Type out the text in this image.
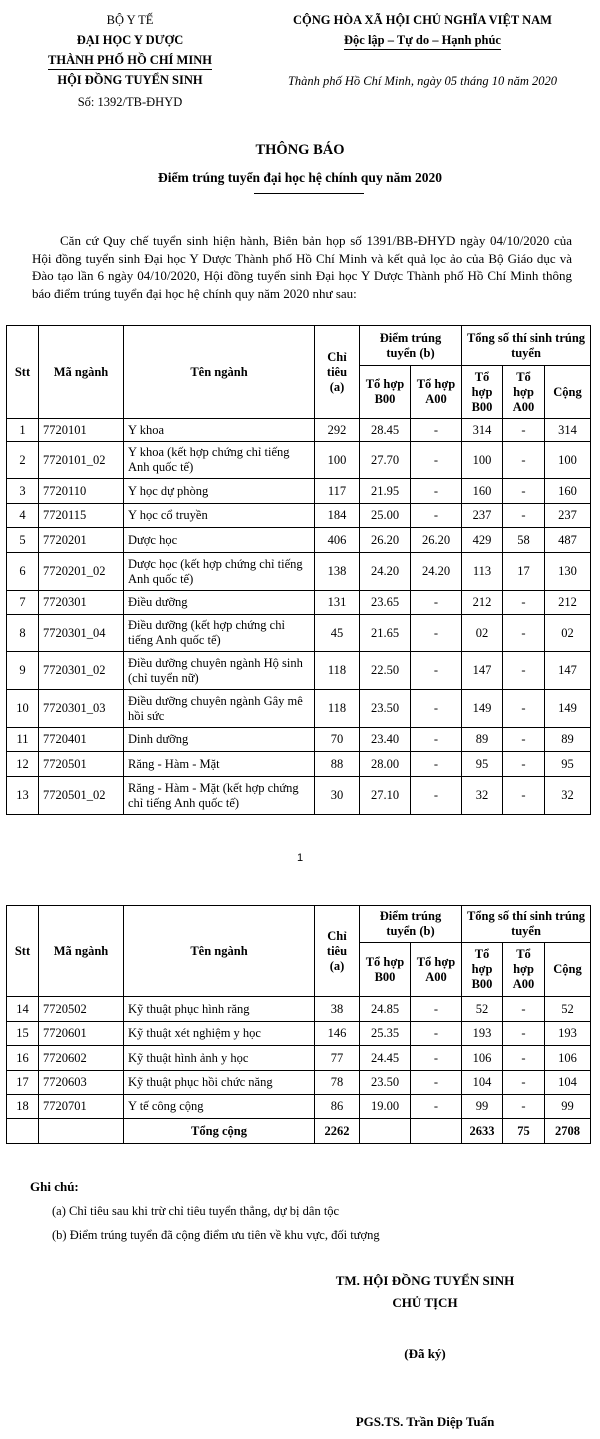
BỘ Y TẾ
ĐẠI HỌC Y DƯỢC
THÀNH PHỐ HỒ CHÍ MINH
HỘI ĐỒNG TUYỂN SINH
Số: 1392/TB-ĐHYD
CỘNG HÒA XÃ HỘI CHỦ NGHĨA VIỆT NAM
Độc lập – Tự do – Hạnh phúc
Thành phố Hồ Chí Minh, ngày 05 tháng 10 năm 2020
THÔNG BÁO
Điểm trúng tuyển đại học hệ chính quy năm 2020
Căn cứ Quy chế tuyển sinh hiện hành, Biên bản họp số 1391/BB-ĐHYD ngày 04/10/2020 của Hội đồng tuyển sinh Đại học Y Dược Thành phố Hồ Chí Minh và kết quả lọc ảo của Bộ Giáo dục và Đào tạo lần 6 ngày 04/10/2020, Hội đồng tuyển sinh Đại học Y Dược Thành phố Hồ Chí Minh thông báo điểm trúng tuyển đại học hệ chính quy năm 2020 như sau:
Stt	Mã ngành	Tên ngành	Chỉ tiêu (a)	Điểm trúng tuyển (b)		Tổng số thí sinh trúng tuyển		
				Tổ hợp B00	Tổ hợp A00	Tổ hợp B00	Tổ hợp A00	Cộng
1	7720101	Y khoa	292	28.45	-	314	-	314
2	7720101_02	Y khoa (kết hợp chứng chỉ tiếng Anh quốc tế)	100	27.70	-	100	-	100
3	7720110	Y học dự phòng	117	21.95	-	160	-	160
4	7720115	Y học cổ truyền	184	25.00	-	237	-	237
5	7720201	Dược học	406	26.20	26.20	429	58	487
6	7720201_02	Dược học (kết hợp chứng chỉ tiếng Anh quốc tế)	138	24.20	24.20	113	17	130
7	7720301	Điều dưỡng	131	23.65	-	212	-	212
8	7720301_04	Điều dưỡng (kết hợp chứng chỉ tiếng Anh quốc tế)	45	21.65	-	02	-	02
9	7720301_02	Điều dưỡng chuyên ngành Hộ sinh (chỉ tuyển nữ)	118	22.50	-	147	-	147
10	7720301_03	Điều dưỡng chuyên ngành Gây mê hồi sức	118	23.50	-	149	-	149
11	7720401	Dinh dưỡng	70	23.40	-	89	-	89
12	7720501	Răng - Hàm - Mặt	88	28.00	-	95	-	95
13	7720501_02	Răng - Hàm - Mặt (kết hợp chứng chỉ tiếng Anh quốc tế)	30	27.10	-	32	-	32
1
Stt	Mã ngành	Tên ngành	Chỉ tiêu (a)	Điểm trúng tuyển (b)		Tổng số thí sinh trúng tuyển		
				Tổ hợp B00	Tổ hợp A00	Tổ hợp B00	Tổ hợp A00	Cộng
14	7720502	Kỹ thuật phục hình răng	38	24.85	-	52	-	52
15	7720601	Kỹ thuật xét nghiệm y học	146	25.35	-	193	-	193
16	7720602	Kỹ thuật hình ảnh y học	77	24.45	-	106	-	106
17	7720603	Kỹ thuật phục hồi chức năng	78	23.50	-	104	-	104
18	7720701	Y tế công cộng	86	19.00	-	99	-	99
		Tổng cộng	2262			2633	75	2708
Ghi chú:
(a) Chỉ tiêu sau khi trừ chỉ tiêu tuyển thẳng, dự bị dân tộc
(b) Điểm trúng tuyển đã cộng điểm ưu tiên về khu vực, đối tượng
TM. HỘI ĐỒNG TUYỂN SINH
CHỦ TỊCH
(Đã ký)
PGS.TS. Trần Diệp Tuấn
